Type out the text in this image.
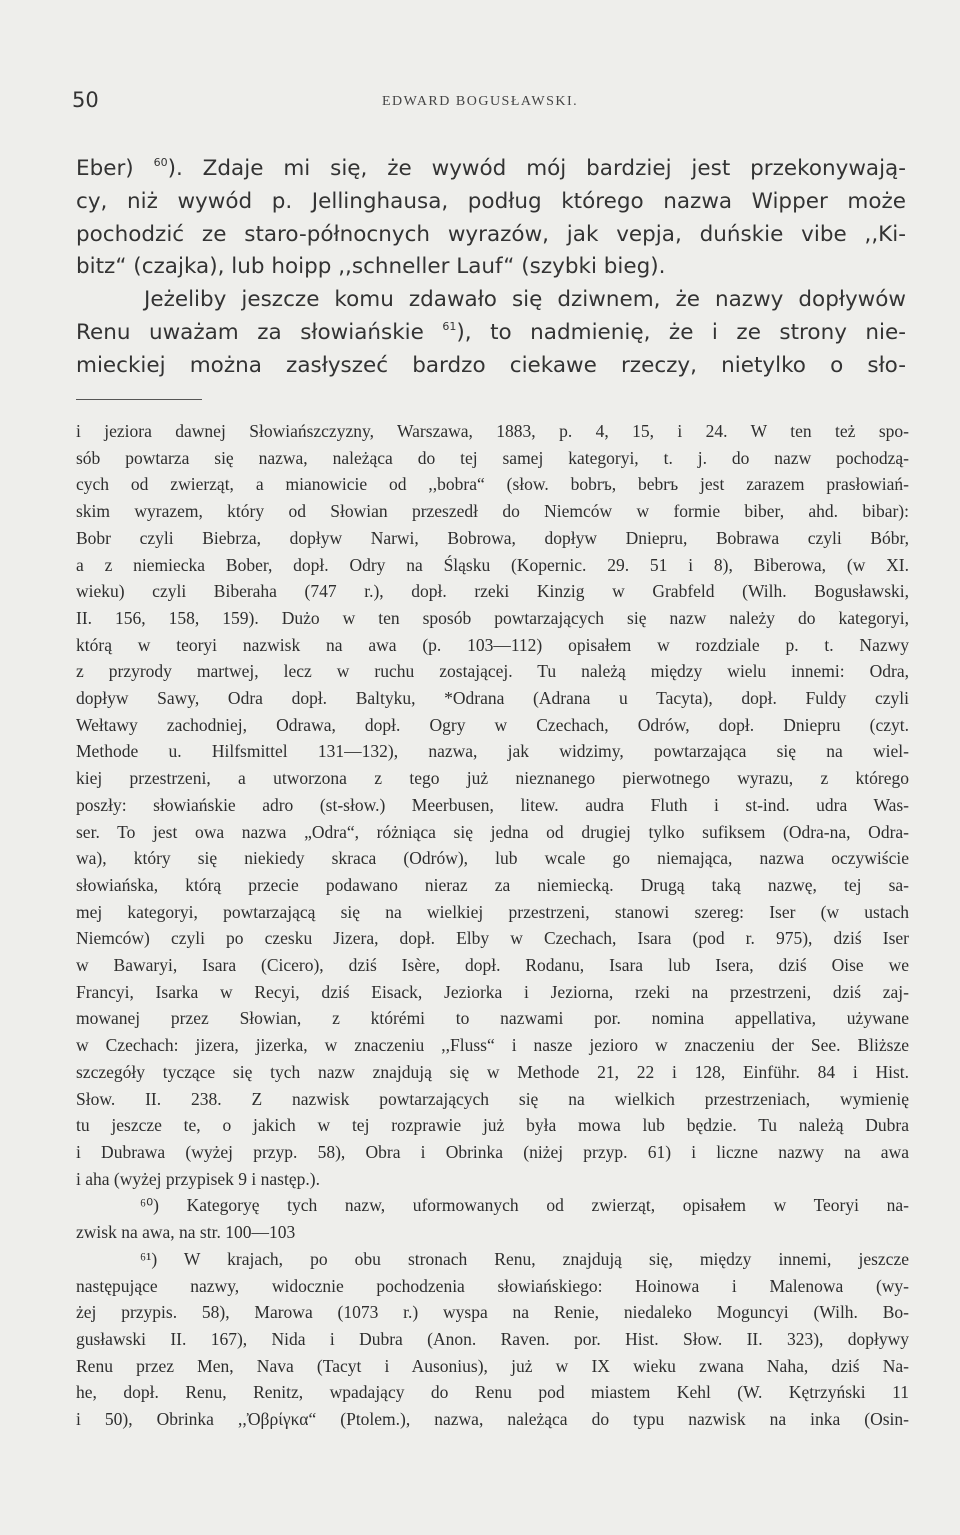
50	EDWARD BOGUSŁAWSKI.
Eber) $^{60}$). Zdaje mi się, że wywód mój bardziej jest przekonywają-
cy, niż wywód p. Jellinghausa, podług którego nazwa Wipper może
pochodzić ze staro-północnych wyrazów, jak vepja, duńskie vibe ,,Ki-
bitz“ (czajka), lub hoipp ,,schneller Lauf“ (szybki bieg).
Jeżeliby jeszcze komu zdawało się dziwnem, że nazwy dopływów
Renu uważam za słowiańskie $^{61}$), to nadmienię, że i ze strony nie-
mieckiej można zasłyszeć bardzo ciekawe rzeczy, nietylko o sło-
i jeziora dawnej Słowiańszczyzny, Warszawa, 1883, p. 4, 15, i 24. W ten też spo-
sób powtarza się nazwa, należąca do tej samej kategoryi, t. j. do nazw pochodzą-
cych od zwierząt, a mianowicie od ,,bobra“ (słow. bobrъ, bebrъ jest zarazem prasłowiań-
skim wyrazem, który od Słowian przeszedł do Niemców w formie biber, ahd. bibar):
Bobr czyli Biebrza, dopływ Narwi, Bobrowa, dopływ Dniepru, Bobrawa czyli Bóbr,
a z niemiecka Bober, dopł. Odry na Śląsku (Kopernic. 29. 51 i 8), Biberowa, (w XI.
wieku) czyli Biberaha (747 r.), dopł. rzeki Kinzig w Grabfeld (Wilh. Bogusławski,
II. 156, 158, 159). Dużo w ten sposób powtarzających się nazw należy do kategoryi,
którą w teoryi nazwisk na awa (p. 103—112) opisałem w rozdziale p. t. Nazwy
z przyrody martwej, lecz w ruchu zostającej. Tu należą między wielu innemi: Odra,
dopływ Sawy, Odra dopł. Baltyku, *Odrana (Adrana u Tacyta), dopł. Fuldy czyli
Wełtawy zachodniej, Odrawa, dopł. Ogry w Czechach, Odrów, dopł. Dniepru (czyt.
Methode u. Hilfsmittel 131—132), nazwa, jak widzimy, powtarzająca się na wiel-
kiej przestrzeni, a utworzona z tego już nieznanego pierwotnego wyrazu, z którego
poszły: słowiańskie adro (st-słow.) Meerbusen, litew. audra Fluth i st-ind. udra Was-
ser. To jest owa nazwa „Odra“, różniąca się jedna od drugiej tylko sufiksem (Odra-na, Odra-
wa), który się niekiedy skraca (Odrów), lub wcale go niemająca, nazwa oczywiście
słowiańska, którą przecie podawano nieraz za niemiecką. Drugą taką nazwę, tej sa-
mej kategoryi, powtarzającą się na wielkiej przestrzeni, stanowi szereg: Iser (w ustach
Niemców) czyli po czesku Jizera, dopł. Elby w Czechach, Isara (pod r. 975), dziś Iser
w Bawaryi, Isara (Cicero), dziś Isère, dopł. Rodanu, Isara lub Isera, dziś Oise we
Francyi, Isarka w Recyi, dziś Eisack, Jeziorka i Jeziorna, rzeki na przestrzeni, dziś zaj-
mowanej przez Słowian, z którémi to nazwami por. nomina appellativa, używane
w Czechach: jizera, jizerka, w znaczeniu ,,Fluss“ i nasze jezioro w znaczeniu der See. Bliższe
szczegóły tyczące się tych nazw znajdują się w Methode 21, 22 i 128, Einführ. 84 i Hist.
Słow. II. 238. Z nazwisk powtarzających się na wielkich przestrzeniach, wymienię
tu jeszcze te, o jakich w tej rozprawie już była mowa lub będzie. Tu należą Dubra
i Dubrawa (wyżej przyp. 58), Obra i Obrinka (niżej przyp. 61) i liczne nazwy na awa
i aha (wyżej przypisek 9 i następ.).
⁶⁰) Kategoryę tych nazw, uformowanych od zwierząt, opisałem w Teoryi na-
zwisk na awa, na str. 100—103
⁶¹) W krajach, po obu stronach Renu, znajdują się, między innemi, jeszcze
następujące nazwy, widocznie pochodzenia słowiańskiego: Hoinowa i Malenowa (wy-
żej przypis. 58), Marowa (1073 r.) wyspa na Renie, niedaleko Moguncyi (Wilh. Bo-
gusławski II. 167), Nida i Dubra (Anon. Raven. por. Hist. Słow. II. 323), dopływy
Renu przez Men, Nava (Tacyt i Ausonius), już w IX wieku zwana Naha, dziś Na-
he, dopł. Renu, Renitz, wpadający do Renu pod miastem Kehl (W. Kętrzyński 11
i 50), Obrinka ,,Ὀβρίγκα“ (Ptolem.), nazwa, należąca do typu nazwisk na inka (Osin-
